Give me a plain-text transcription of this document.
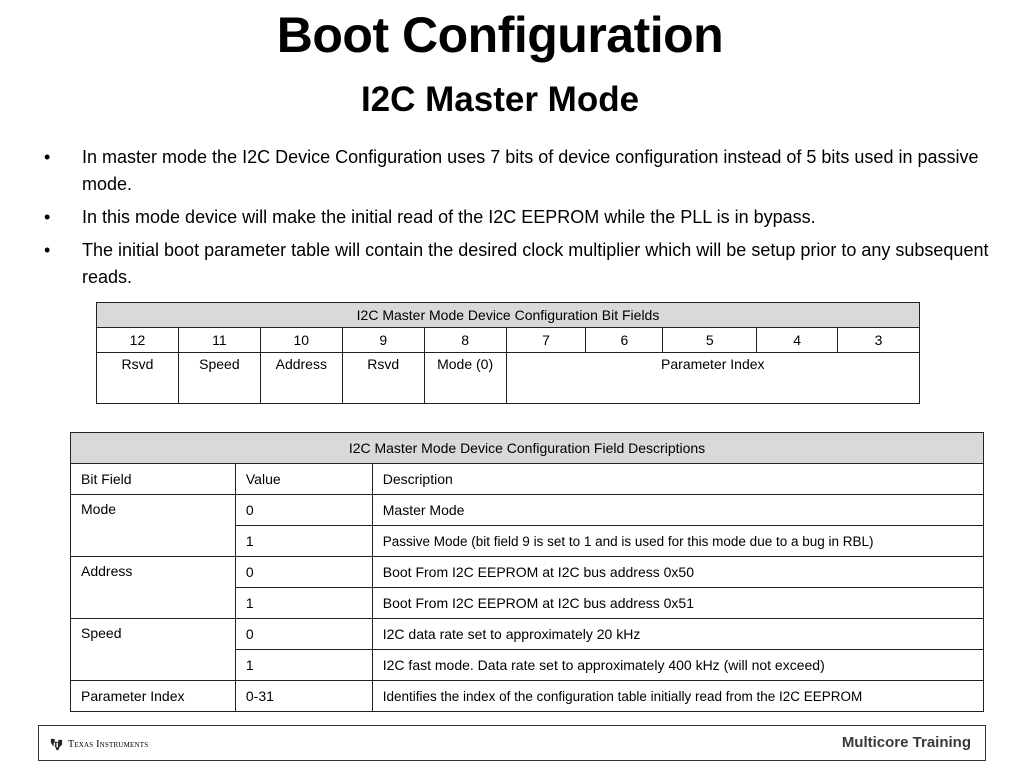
Boot Configuration
I2C Master Mode
• In master mode the I2C Device Configuration uses 7 bits of device configuration instead of 5 bits used in passive mode.
• In this mode device will make the initial read of the I2C EEPROM while the PLL is in bypass.
• The initial boot parameter table will contain the desired clock multiplier which will be setup prior to any subsequent reads.
I2C Master Mode Device Configuration Bit Fields									
12	11	10	9	8	7	6	5	4	3
Rsvd	Speed	Address	Rsvd	Mode (0)	Parameter Index				
I2C Master Mode Device Configuration Field Descriptions		
Bit Field	Value	Description
Mode	0	Master Mode
	1	Passive Mode (bit field 9 is set to 1 and is used for this mode due to a bug in RBL)
Address	0	Boot From I2C EEPROM at I2C bus address 0x50
	1	Boot From I2C EEPROM at I2C bus address 0x51
Speed	0	I2C data rate set to approximately 20 kHz
	1	I2C fast mode. Data rate set to approximately 400 kHz (will not exceed)
Parameter Index	0-31	Identifies the index of the configuration table initially read from the I2C EEPROM
Texas Instruments	Multicore Training
